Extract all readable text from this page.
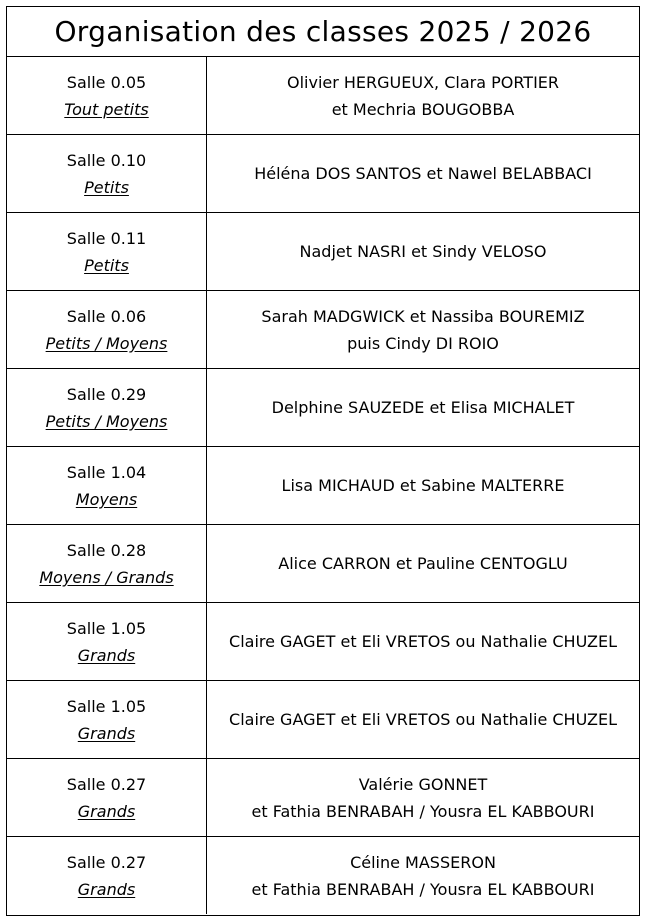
Organisation des classes 2025 / 2026
Salle 0.05
Tout petits	Olivier HERGUEUX, Clara PORTIER
et Mechria BOUGOBBA

Salle 0.10
Petits	Héléna DOS SANTOS et Nawel BELABBACI

Salle 0.11
Petits	Nadjet NASRI et Sindy VELOSO

Salle 0.06
Petits / Moyens	Sarah MADGWICK et Nassiba BOUREMIZ
puis Cindy DI ROIO

Salle 0.29
Petits / Moyens	Delphine SAUZEDE et Elisa MICHALET

Salle 1.04
Moyens	Lisa MICHAUD et Sabine MALTERRE

Salle 0.28
Moyens / Grands	Alice CARRON et Pauline CENTOGLU

Salle 1.05
Grands	Claire GAGET et Eli VRETOS ou Nathalie CHUZEL

Salle 1.05
Grands	Claire GAGET et Eli VRETOS ou Nathalie CHUZEL

Salle 0.27
Grands	Valérie GONNET
et Fathia BENRABAH / Yousra EL KABBOURI

Salle 0.27
Grands	Céline MASSERON
et Fathia BENRABAH / Yousra EL KABBOURI
